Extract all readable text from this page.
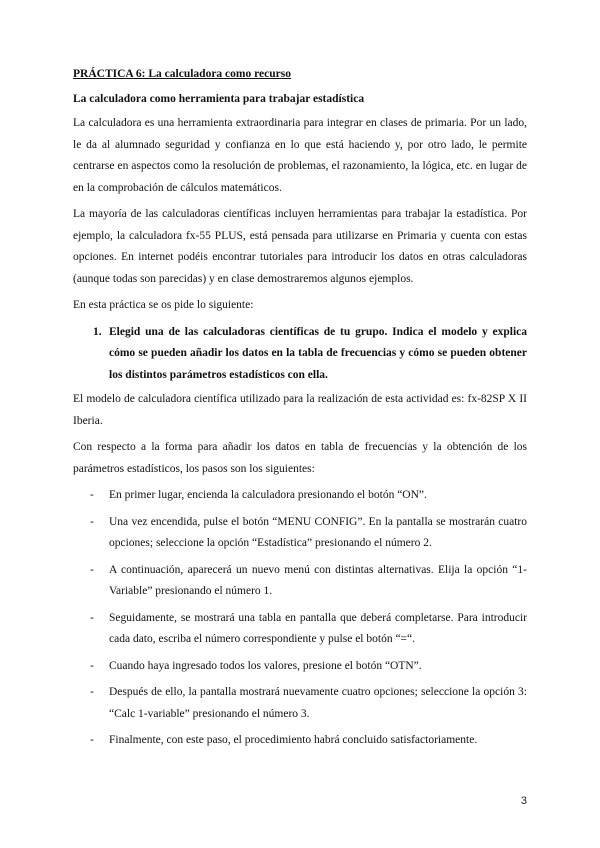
PRÁCTICA 6: La calculadora como recurso
La calculadora como herramienta para trabajar estadística

La calculadora es una herramienta extraordinaria para integrar en clases de primaria. Por un lado, le da al alumnado seguridad y confianza en lo que está haciendo y, por otro lado, le permite centrarse en aspectos como la resolución de problemas, el razonamiento, la lógica, etc. en lugar de en la comprobación de cálculos matemáticos.

La mayoría de las calculadoras científicas incluyen herramientas para trabajar la estadística. Por ejemplo, la calculadora fx-55 PLUS, está pensada para utilizarse en Primaria y cuenta con estas opciones. En internet podéis encontrar tutoriales para introducir los datos en otras calculadoras (aunque todas son parecidas) y en clase demostraremos algunos ejemplos.

En esta práctica se os pide lo siguiente:

1. Elegid una de las calculadoras científicas de tu grupo. Indica el modelo y explica cómo se pueden añadir los datos en la tabla de frecuencias y cómo se pueden obtener los distintos parámetros estadísticos con ella.

El modelo de calculadora científica utilizado para la realización de esta actividad es: fx-82SP X II Iberia.

Con respecto a la forma para añadir los datos en tabla de frecuencias y la obtención de los parámetros estadísticos, los pasos son los siguientes:

- En primer lugar, encienda la calculadora presionando el botón “ON”.
- Una vez encendida, pulse el botón “MENU CONFIG”. En la pantalla se mostrarán cuatro opciones; seleccione la opción “Estadística” presionando el número 2.
- A continuación, aparecerá un nuevo menú con distintas alternativas. Elija la opción “1-Variable” presionando el número 1.
- Seguidamente, se mostrará una tabla en pantalla que deberá completarse. Para introducir cada dato, escriba el número correspondiente y pulse el botón “=“.
- Cuando haya ingresado todos los valores, presione el botón “OTN”.
- Después de ello, la pantalla mostrará nuevamente cuatro opciones; seleccione la opción 3: “Calc 1-variable” presionando el número 3.
- Finalmente, con este paso, el procedimiento habrá concluido satisfactoriamente.
3
